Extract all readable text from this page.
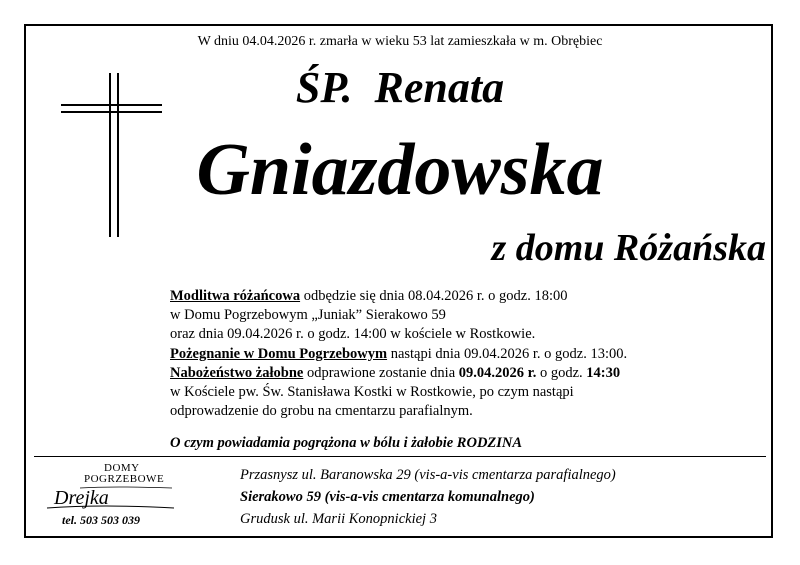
W dniu 04.04.2026 r. zmarła w wieku 53 lat zamieszkała w m. Obrębiec
ŚP.  Renata
Gniazdowska
z domu Różańska
Modlitwa różańcowa odbędzie się dnia 08.04.2026 r. o godz. 18:00
w Domu Pogrzebowym „Juniak” Sierakowo 59
oraz dnia 09.04.2026 r. o godz. 14:00 w kościele w Rostkowie.
Pożegnanie w Domu Pogrzebowym nastąpi dnia 09.04.2026 r. o godz. 13:00.
Nabożeństwo żałobne odprawione zostanie dnia 09.04.2026 r. o godz. 14:30
w Kościele pw. Św. Stanisława Kostki w Rostkowie, po czym nastąpi
odprowadzenie do grobu na cmentarzu parafialnym.
O czym powiadamia pogrążona w bólu i żałobie RODZINA
DOMY
POGRZEBOWE
Drejka
tel. 503 503 039
Przasnysz ul. Baranowska 29 (vis-a-vis cmentarza parafialnego)
Sierakowo 59 (vis-a-vis cmentarza komunalnego)
Grudusk ul. Marii Konopnickiej 3
